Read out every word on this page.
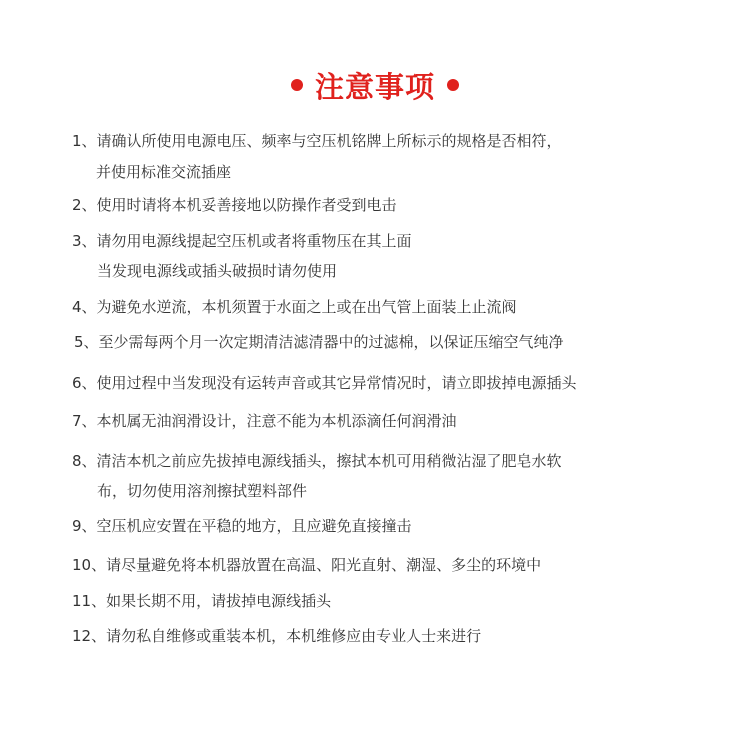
注意事项
1、请确认所使用电源电压、频率与空压机铭牌上所标示的规格是否相符，
并使用标准交流插座
2、使用时请将本机妥善接地以防操作者受到电击
3、请勿用电源线提起空压机或者将重物压在其上面
当发现电源线或插头破损时请勿使用
4、为避免水逆流，本机须置于水面之上或在出气管上面装上止流阀
5、至少需每两个月一次定期清洁滤清器中的过滤棉，以保证压缩空气纯净
6、使用过程中当发现没有运转声音或其它异常情况时，请立即拔掉电源插头
7、本机属无油润滑设计，注意不能为本机添滴任何润滑油
8、清洁本机之前应先拔掉电源线插头，擦拭本机可用稍微沾湿了肥皂水软
布，切勿使用溶剂擦拭塑料部件
9、空压机应安置在平稳的地方，且应避免直接撞击
10、请尽量避免将本机器放置在高温、阳光直射、潮湿、多尘的环境中
11、如果长期不用，请拔掉电源线插头
12、请勿私自维修或重装本机，本机维修应由专业人士来进行
